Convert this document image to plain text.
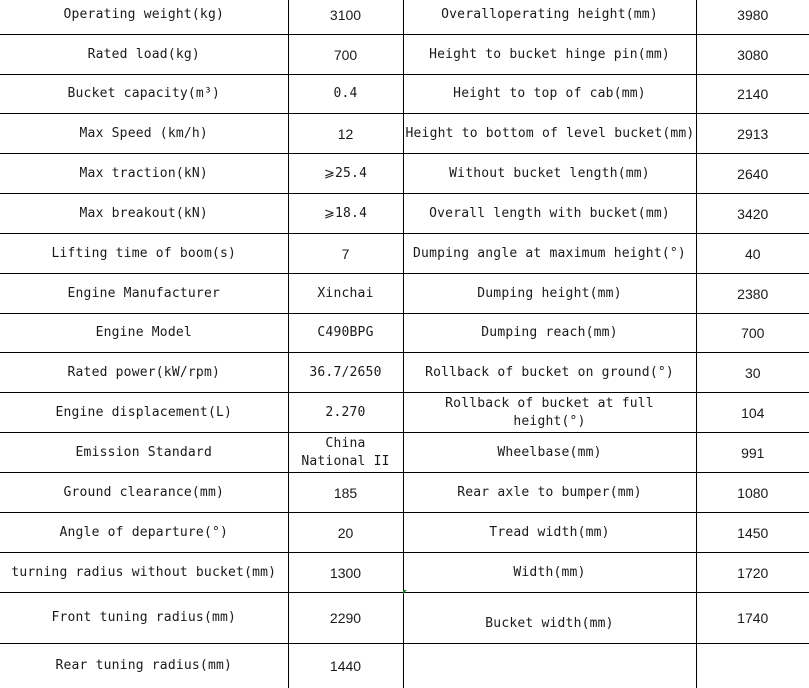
Operating weight(kg)	3100	Overalloperating height(mm)	3980
Rated load(kg)	700	Height to bucket hinge pin(mm)	3080
Bucket capacity(m³)	0.4	Height to top of cab(mm)	2140
Max Speed (km/h)	12	Height to bottom of level bucket(mm)	2913
Max traction(kN)	⩾25.4	Without bucket length(mm)	2640
Max breakout(kN)	⩾18.4	Overall length with bucket(mm)	3420
Lifting time of boom(s)	7	Dumping angle at maximum height(°)	40
Engine Manufacturer	Xinchai	Dumping height(mm)	2380
Engine Model	C490BPG	Dumping reach(mm)	700
Rated power(kW/rpm)	36.7/2650	Rollback of bucket on ground(°)	30
Engine displacement(L)	2.270	Rollback of bucket at full height(°)	104
Emission Standard	China National II	Wheelbase(mm)	991
Ground clearance(mm)	185	Rear axle to bumper(mm)	1080
Angle of departure(°)	20	Tread width(mm)	1450
turning radius without bucket(mm)	1300	Width(mm)	1720
Front tuning radius(mm)	2290	Bucket width(mm)	1740
Rear tuning radius(mm)	1440		
